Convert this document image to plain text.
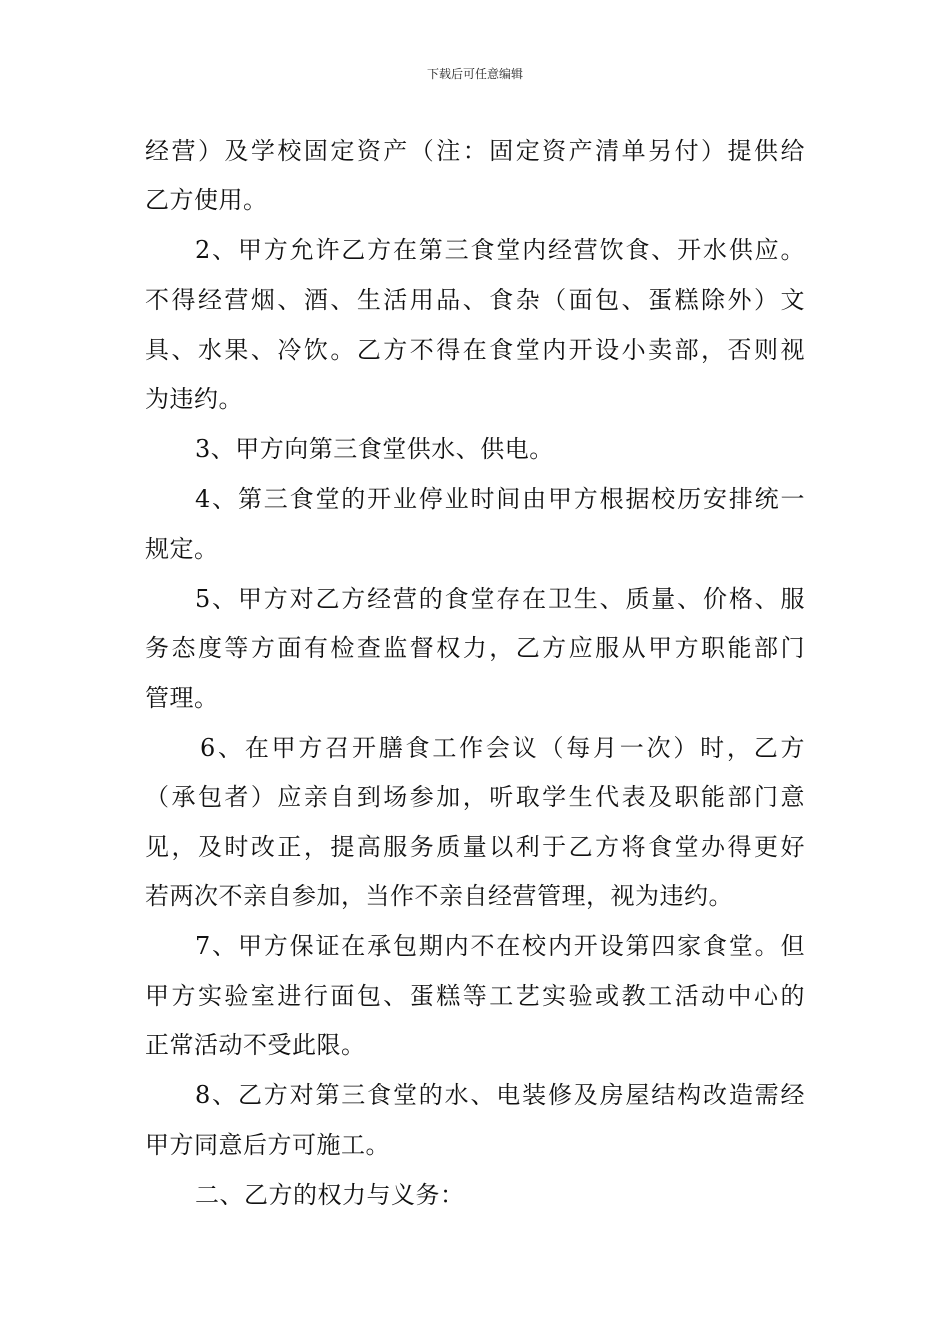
下载后可任意编辑
经营）及学校固定资产（注：固定资产清单另付）提供给
乙方使用。
2、甲方允许乙方在第三食堂内经营饮食、开水供应。
不得经营烟、酒、生活用品、食杂（面包、蛋糕除外）文
具、水果、冷饮。乙方不得在食堂内开设小卖部，否则视
为违约。
3、甲方向第三食堂供水、供电。
4、第三食堂的开业停业时间由甲方根据校历安排统一
规定。
5、甲方对乙方经营的食堂存在卫生、质量、价格、服
务态度等方面有检查监督权力，乙方应服从甲方职能部门
管理。
6、在甲方召开膳食工作会议（每月一次）时，乙方
（承包者）应亲自到场参加，听取学生代表及职能部门意
见，及时改正，提高服务质量以利于乙方将食堂办得更好
若两次不亲自参加，当作不亲自经营管理，视为违约。
7、甲方保证在承包期内不在校内开设第四家食堂。但
甲方实验室进行面包、蛋糕等工艺实验或教工活动中心的
正常活动不受此限。
8、乙方对第三食堂的水、电装修及房屋结构改造需经
甲方同意后方可施工。
二、乙方的权力与义务：
